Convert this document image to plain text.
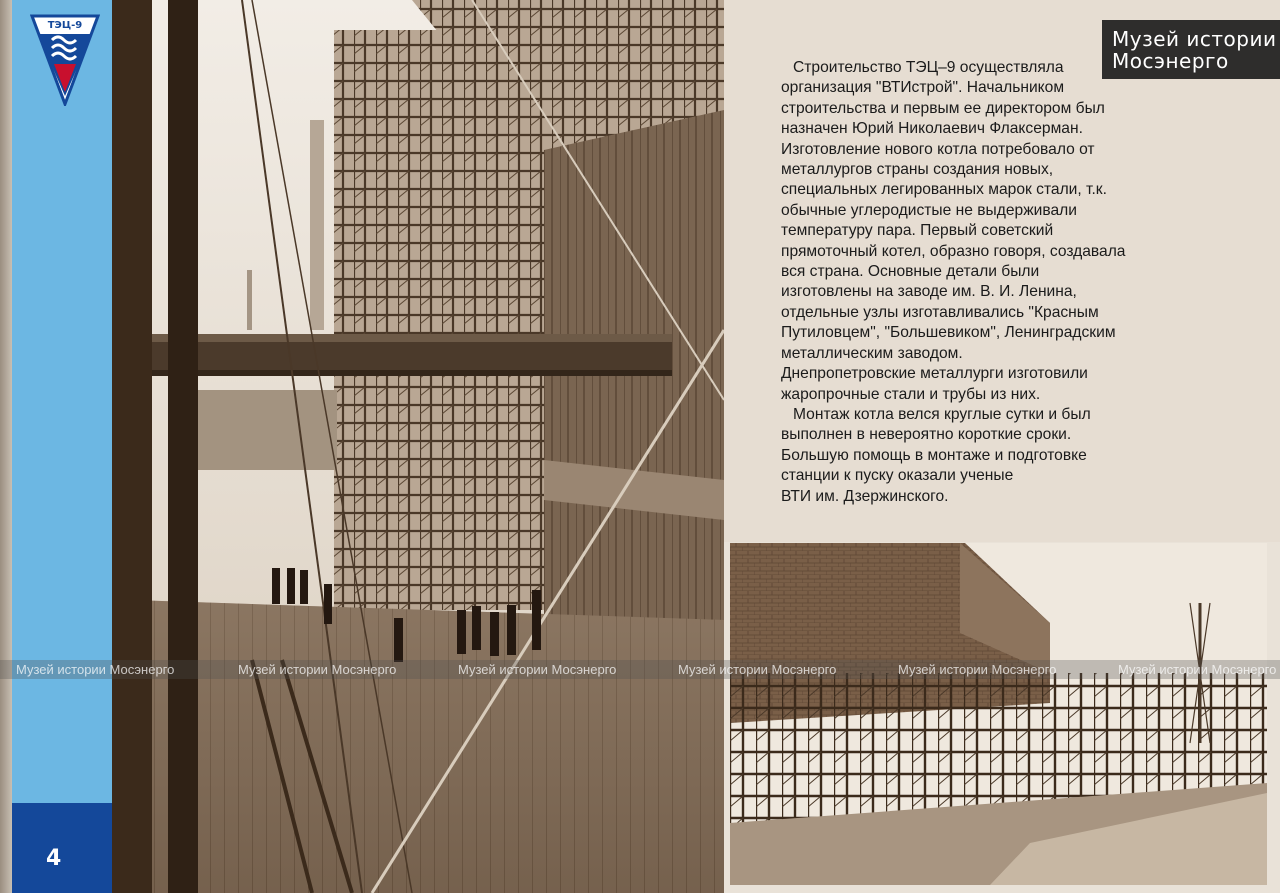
ТЭЦ-9
4

Строительство ТЭЦ–9 осуществляла

организация "ВТИстрой". Начальником

строительства и первым ее директором был

назначен Юрий Николаевич Флаксерман.

Изготовление нового котла потребовало от

металлургов страны создания новых,

специальных легированных марок стали, т.к.

обычные углеродистые не выдерживали

температуру пара. Первый советский

прямоточный котел, образно говоря, создавала

вся страна. Основные детали были

изготовлены на заводе им. В. И. Ленина,

отдельные узлы изготавливались "Красным

Путиловцем", "Большевиком", Ленинградским

металлическим заводом.

Днепропетровские металлурги изготовили

жаропрочные стали и трубы из них.

Монтаж котла велся круглые сутки и был

выполнен в невероятно короткие сроки.

Большую помощь в монтаже и подготовке

станции к пуску оказали ученые

ВТИ им. Дзержинского.

Музей истории
Мосэнерго
Музей истории Мосэнерго	Музей истории Мосэнерго	Музей истории Мосэнерго	Музей истории Мосэнерго	Музей истории Мосэнерго	Музей истории Мосэнерго
